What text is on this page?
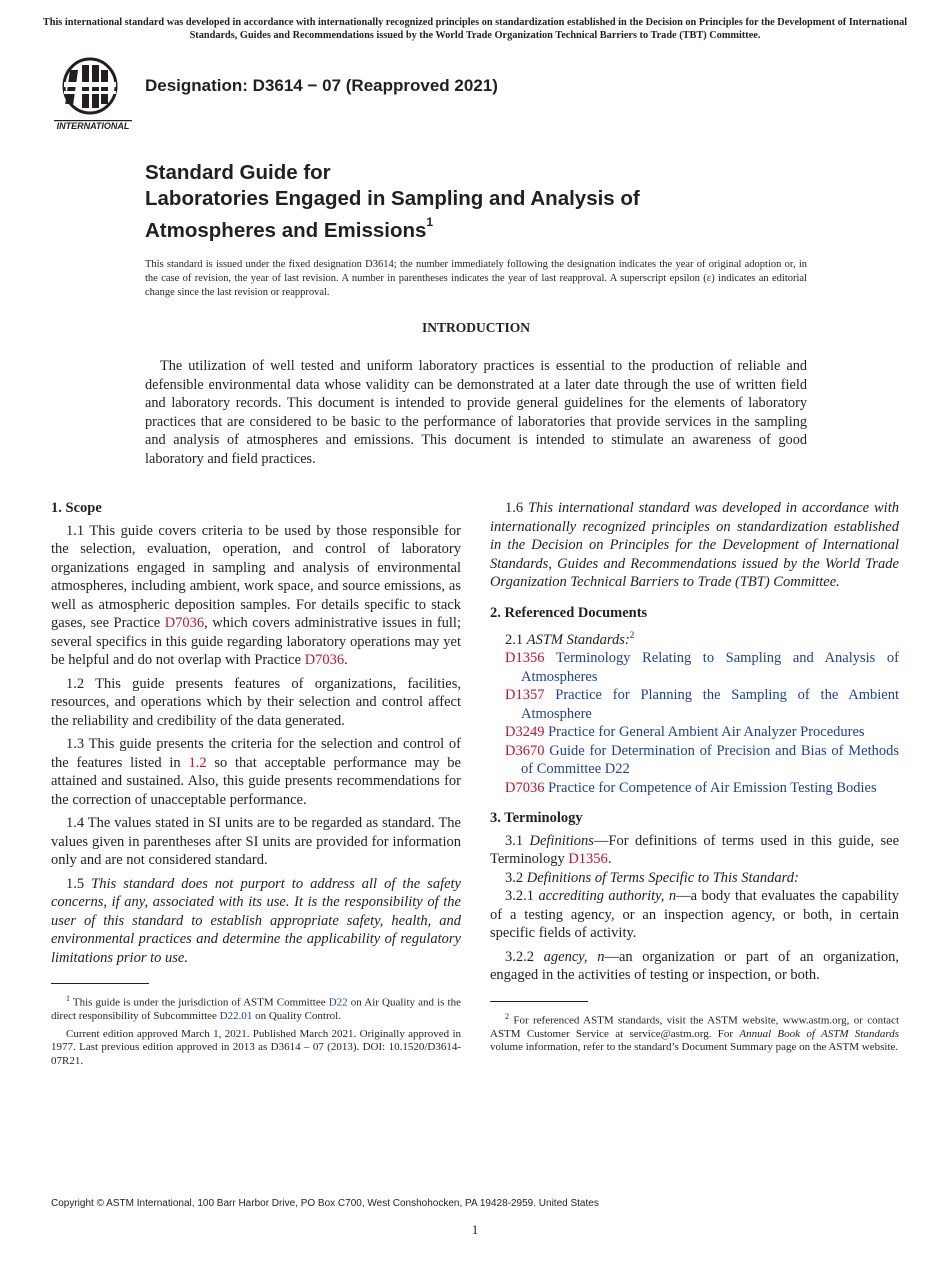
This international standard was developed in accordance with internationally recognized principles on standardization established in the Decision on Principles for the Development of International Standards, Guides and Recommendations issued by the World Trade Organization Technical Barriers to Trade (TBT) Committee.
INTERNATIONAL
Designation: D3614 − 07 (Reapproved 2021)
Standard Guide for
Laboratories Engaged in Sampling and Analysis of
Atmospheres and Emissions$^1$
This standard is issued under the fixed designation D3614; the number immediately following the designation indicates the year of original adoption or, in the case of revision, the year of last revision. A number in parentheses indicates the year of last reapproval. A superscript epsilon (ε) indicates an editorial change since the last revision or reapproval.
INTRODUCTION
The utilization of well tested and uniform laboratory practices is essential to the production of reliable and defensible environmental data whose validity can be demonstrated at a later date through the use of written field and laboratory records. This document is intended to provide general guidelines for the elements of laboratory practices that are considered to be basic to the performance of laboratories that provide services in the sampling and analysis of atmospheres and emissions. This document is intended to stimulate an awareness of good laboratory and field practices.
1. Scope

1.1 This guide covers criteria to be used by those responsible for the selection, evaluation, operation, and control of laboratory organizations engaged in sampling and analysis of environmental atmospheres, including ambient, work space, and source emissions, as well as atmospheric deposition samples. For details specific to stack gases, see Practice D7036, which covers administrative issues in full; several specifics in this guide regarding laboratory operations may yet be helpful and do not overlap with Practice D7036.

1.2 This guide presents features of organizations, facilities, resources, and operations which by their selection and control affect the reliability and credibility of the data generated.

1.3 This guide presents the criteria for the selection and control of the features listed in 1.2 so that acceptable performance may be attained and sustained. Also, this guide presents recommendations for the correction of unacceptable performance.

1.4 The values stated in SI units are to be regarded as standard. The values given in parentheses after SI units are provided for information only and are not considered standard.

1.5 This standard does not purport to address all of the safety concerns, if any, associated with its use. It is the responsibility of the user of this standard to establish appropriate safety, health, and environmental practices and determine the applicability of regulatory limitations prior to use.

$^1$ This guide is under the jurisdiction of ASTM Committee D22 on Air Quality and is the direct responsibility of Subcommittee D22.01 on Quality Control.

Current edition approved March 1, 2021. Published March 2021. Originally approved in 1977. Last previous edition approved in 2013 as D3614 – 07 (2013). DOI: 10.1520/D3614-07R21.

1.6 This international standard was developed in accordance with internationally recognized principles on standardization established in the Decision on Principles for the Development of International Standards, Guides and Recommendations issued by the World Trade Organization Technical Barriers to Trade (TBT) Committee.

2. Referenced Documents

2.1 ASTM Standards:$^2$

D1356 Terminology Relating to Sampling and Analysis of Atmospheres
D1357 Practice for Planning the Sampling of the Ambient Atmosphere
D3249 Practice for General Ambient Air Analyzer Procedures
D3670 Guide for Determination of Precision and Bias of Methods of Committee D22
D7036 Practice for Competence of Air Emission Testing Bodies
3. Terminology

3.1 Definitions—For definitions of terms used in this guide, see Terminology D1356.

3.2 Definitions of Terms Specific to This Standard:

3.2.1 accrediting authority, n—a body that evaluates the capability of a testing agency, or an inspection agency, or both, in certain specific fields of activity.

3.2.2 agency, n—an organization or part of an organization, engaged in the activities of testing or inspection, or both.

$^2$ For referenced ASTM standards, visit the ASTM website, www.astm.org, or contact ASTM Customer Service at service@astm.org. For Annual Book of ASTM Standards volume information, refer to the standard’s Document Summary page on the ASTM website.

Copyright © ASTM International, 100 Barr Harbor Drive, PO Box C700, West Conshohocken, PA 19428-2959. United States
1
